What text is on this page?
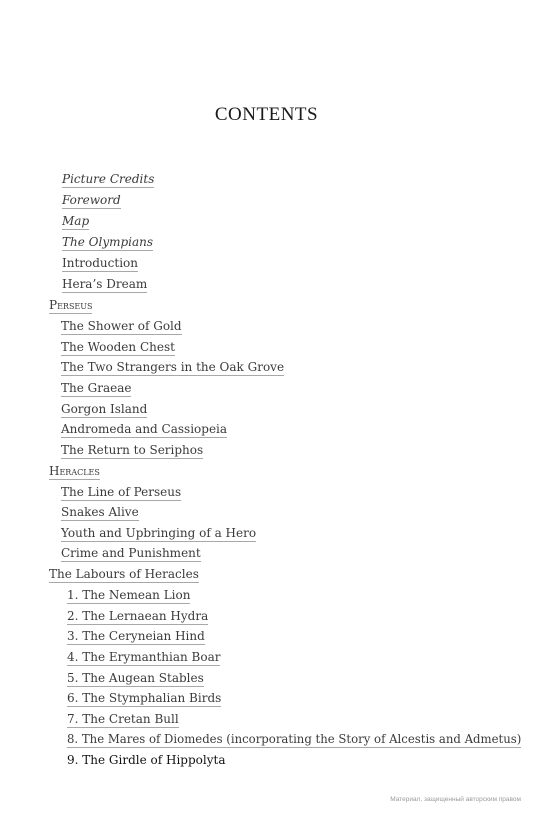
CONTENTS
Picture Credits
Foreword
Map
The Olympians
Introduction
Hera’s Dream
Perseus
The Shower of Gold
The Wooden Chest
The Two Strangers in the Oak Grove
The Graeae
Gorgon Island
Andromeda and Cassiopeia
The Return to Seriphos
Heracles
The Line of Perseus
Snakes Alive
Youth and Upbringing of a Hero
Crime and Punishment
The Labours of Heracles
1. The Nemean Lion
2. The Lernaean Hydra
3. The Ceryneian Hind
4. The Erymanthian Boar
5. The Augean Stables
6. The Stymphalian Birds
7. The Cretan Bull
8. The Mares of Diomedes (incorporating the Story of Alcestis and Admetus)
9. The Girdle of Hippolyta
Материал, защищенный авторским правом
